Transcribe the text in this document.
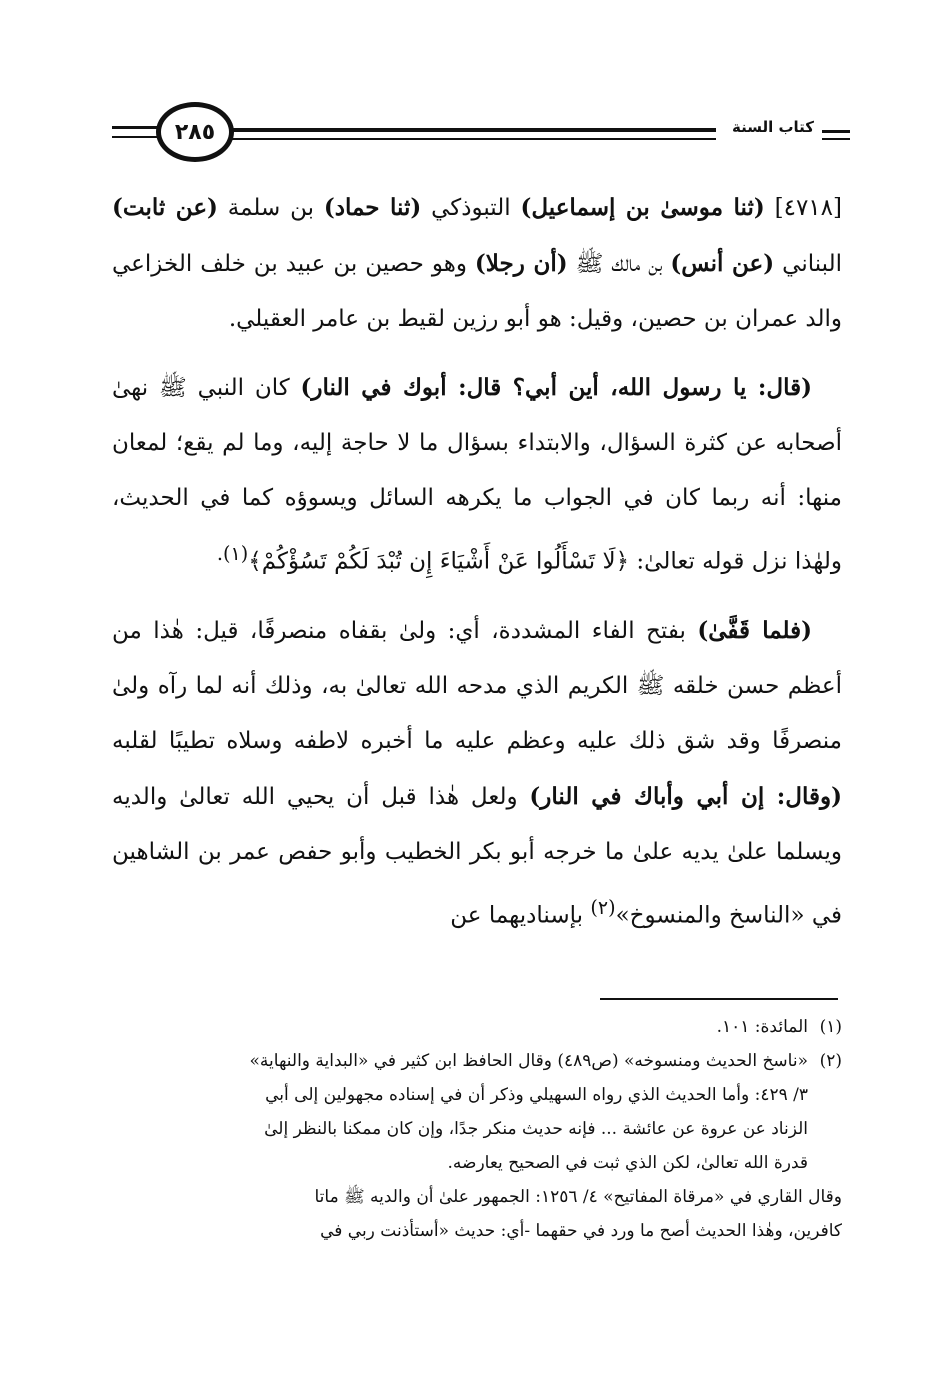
٢٨٥	كتاب السنة

[٤٧١٨] (ثنا موسىٰ بن إسماعيل) التبوذكي (ثنا حماد) بن سلمة (عن ثابت) البناني (عن أنس) بن مالك ﷺ (أن رجلا) وهو حصين بن عبيد بن خلف الخزاعي والد عمران بن حصين، وقيل: هو أبو رزين لقيط بن عامر العقيلي.

(قال: يا رسول الله، أين أبي؟ قال: أبوك في النار) كان النبي ﷺ نهىٰ أصحابه عن كثرة السؤال، والابتداء بسؤال ما لا حاجة إليه، وما لم يقع؛ لمعان منها: أنه ربما كان في الجواب ما يكرهه السائل ويسوؤه كما في الحديث، ولهٰذا نزل قوله تعالىٰ: ﴿لَا تَسْأَلُوا عَنْ أَشْيَاءَ إِن تُبْدَ لَكُمْ تَسُؤْكُمْ﴾$^{(١).}$

(فلما قَفَّىٰ) بفتح الفاء المشددة، أي: ولىٰ بقفاه منصرفًا، قيل: هٰذا من أعظم حسن خلقه ﷺ الكريم الذي مدحه الله تعالىٰ به، وذلك أنه لما رآه ولىٰ منصرفًا وقد شق ذلك عليه وعظم عليه ما أخبره لاطفه وسلاه تطيبًا لقلبه (وقال: إن أبي وأباك في النار) ولعل هٰذا قبل أن يحيي الله تعالىٰ والديه ويسلما علىٰ يديه علىٰ ما خرجه أبو بكر الخطيب وأبو حفص عمر بن الشاهين في «الناسخ والمنسوخ»$^{(٢)}$ بإسناديهما عن

(١)المائدة: ١٠١.

(٢)«ناسخ الحديث ومنسوخه» (ص٤٨٩) وقال الحافظ ابن كثير في «البداية والنهاية»

٣/ ٤٢٩: وأما الحديث الذي رواه السهيلي وذكر أن في إسناده مجهولين إلى أبي

الزناد عن عروة عن عائشة ... فإنه حديث منكر جدًا، وإن كان ممكنا بالنظر إلىٰ

قدرة الله تعالىٰ، لكن الذي ثبت في الصحيح يعارضه.

وقال القاري في «مرقاة المفاتيح» ٤/ ١٢٥٦: الجمهور علىٰ أن والديه ﷺ ماتا

كافرين، وهٰذا الحديث أصح ما ورد في حقهما -أي: حديث «أستأذنت ربي في
